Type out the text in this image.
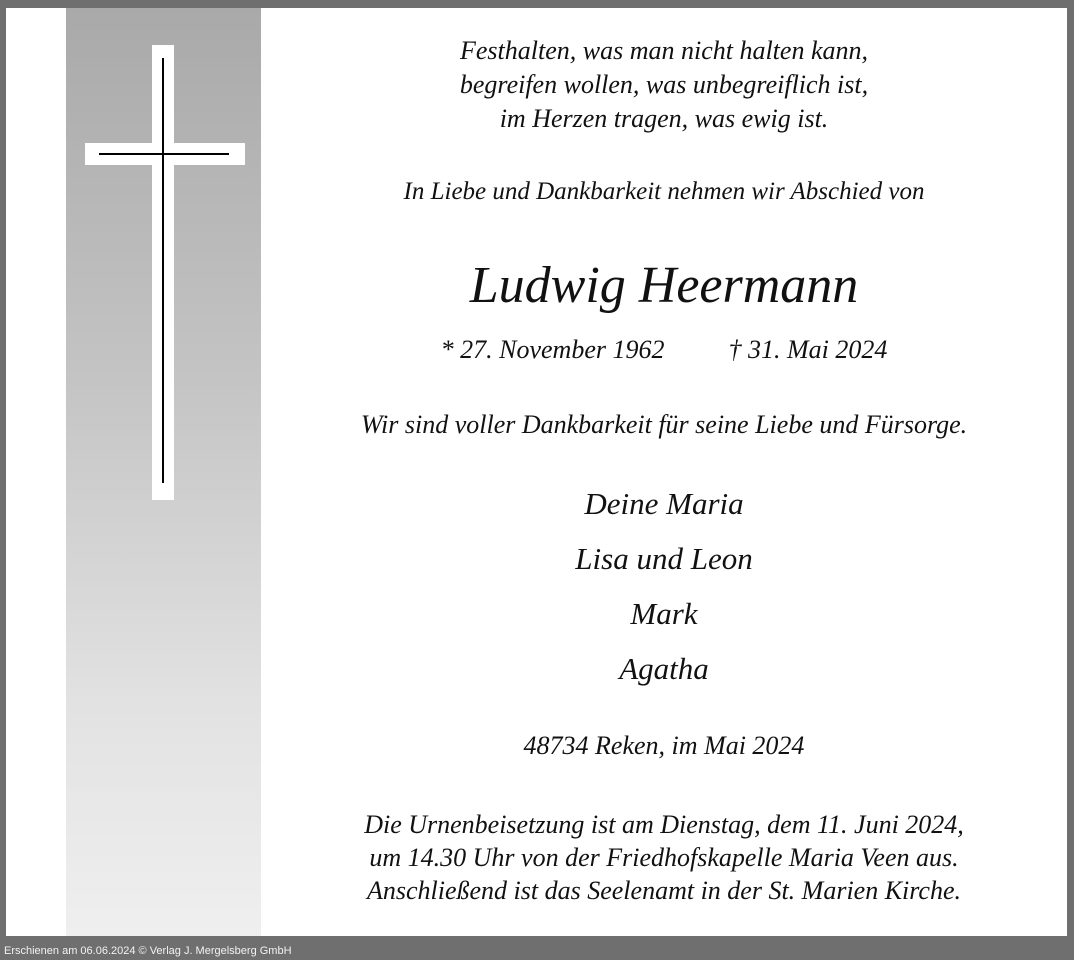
Festhalten, was man nicht halten kann,
begreifen wollen, was unbegreiflich ist,
im Herzen tragen, was ewig ist.
In Liebe und Dankbarkeit nehmen wir Abschied von
Ludwig Heermann
* 27. November 1962 † 31. Mai 2024
Wir sind voller Dankbarkeit für seine Liebe und Fürsorge.
Deine Maria
Lisa und Leon
Mark
Agatha
48734 Reken, im Mai 2024
Die Urnenbeisetzung ist am Dienstag, dem 11. Juni 2024,
um 14.30 Uhr von der Friedhofskapelle Maria Veen aus.
Anschließend ist das Seelenamt in der St. Marien Kirche.
Erschienen am 06.06.2024 © Verlag J. Mergelsberg GmbH
